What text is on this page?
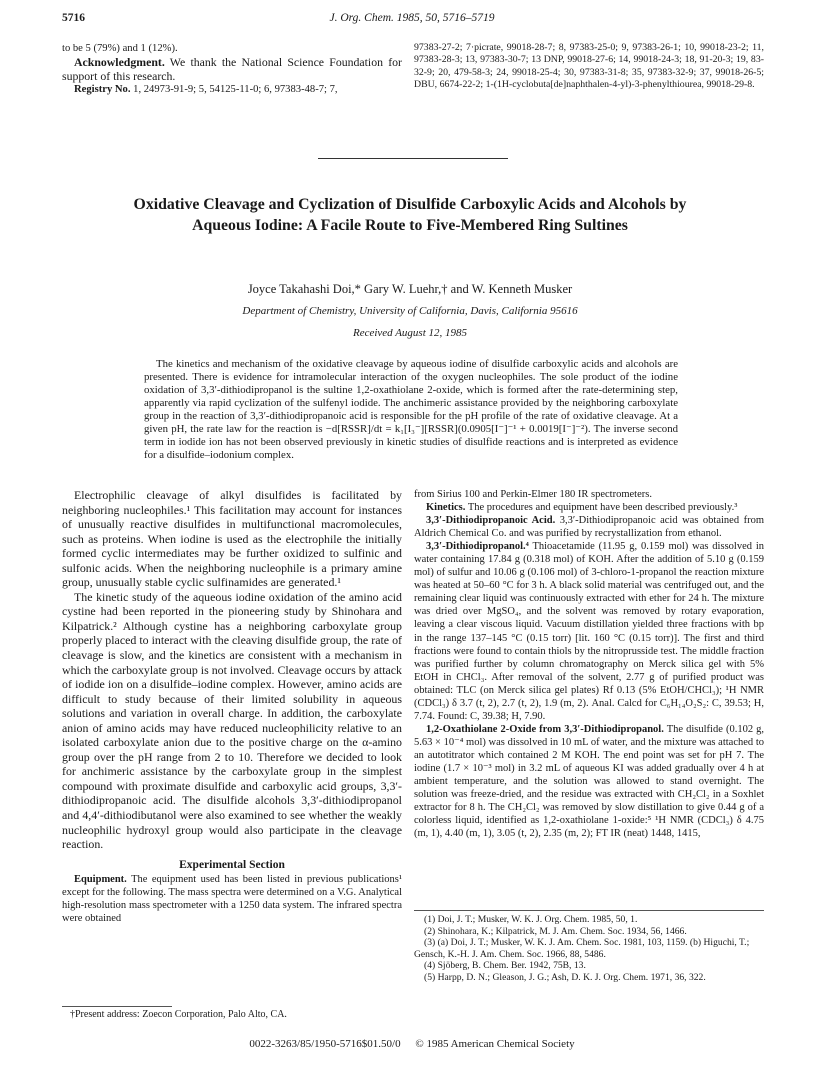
5716	J. Org. Chem. 1985, 50, 5716–5719

to be 5 (79%) and 1 (12%).

Acknowledgment. We thank the National Science Foundation for support of this research.

Registry No. 1, 24973-91-9; 5, 54125-11-0; 6, 97383-48-7; 7,

97383-27-2; 7·picrate, 99018-28-7; 8, 97383-25-0; 9, 97383-26-1; 10, 99018-23-2; 11, 97383-28-3; 13, 97383-30-7; 13 DNP, 99018-27-6; 14, 99018-24-3; 18, 91-20-3; 19, 83-32-9; 20, 479-58-3; 24, 99018-25-4; 30, 97383-31-8; 35, 97383-32-9; 37, 99018-26-5; DBU, 6674-22-2; 1-(1H-cyclobuta[de]naphthalen-4-yl)-3-phenylthiourea, 99018-29-8.
Oxidative Cleavage and Cyclization of Disulfide Carboxylic Acids and Alcohols by Aqueous Iodine: A Facile Route to Five-Membered Ring Sultines
Joyce Takahashi Doi,* Gary W. Luehr,† and W. Kenneth Musker
Department of Chemistry, University of California, Davis, California 95616
Received August 12, 1985
The kinetics and mechanism of the oxidative cleavage by aqueous iodine of disulfide carboxylic acids and alcohols are presented. There is evidence for intramolecular interaction of the oxygen nucleophiles. The sole product of the iodine oxidation of 3,3′-dithiodipropanol is the sultine 1,2-oxathiolane 2-oxide, which is formed after the rate-determining step, apparently via rapid cyclization of the sulfenyl iodide. The anchimeric assistance provided by the neighboring carboxylate group in the reaction of 3,3′-dithiodipropanoic acid is responsible for the pH profile of the rate of oxidative cleavage. At a given pH, the rate law for the reaction is −d[RSSR]/dt = k₁[I₃⁻][RSSR](0.0905[I⁻]⁻¹ + 0.0019[I⁻]⁻²). The inverse second term in iodide ion has not been observed previously in kinetic studies of disulfide reactions and is interpreted as evidence for a disulfide–iodonium complex.

Electrophilic cleavage of alkyl disulfides is facilitated by neighboring nucleophiles.¹ This facilitation may account for instances of unusually reactive disulfides in multifunctional macromolecules, such as proteins. When iodine is used as the electrophile the initially formed cyclic intermediates may be further oxidized to sulfinic and sulfonic acids. When the neighboring nucleophile is a primary amine group, unusually stable cyclic sulfinamides are generated.¹

The kinetic study of the aqueous iodine oxidation of the amino acid cystine had been reported in the pioneering study by Shinohara and Kilpatrick.² Although cystine has a neighboring carboxylate group properly placed to interact with the cleaving disulfide group, the rate of cleavage is slow, and the kinetics are consistent with a mechanism in which the carboxylate group is not involved. Cleavage occurs by attack of iodide ion on a disulfide–iodine complex. However, amino acids are difficult to study because of their limited solubility in aqueous solutions and variation in overall charge. In addition, the carboxylate anion of amino acids may have reduced nucleophilicity relative to an isolated carboxylate anion due to the positive charge on the α-amino group over the pH range from 2 to 10. Therefore we decided to look for anchimeric assistance by the carboxylate group in the simplest compound with proximate disulfide and carboxylic acid groups, 3,3′-dithiodipropanoic acid. The disulfide alcohols 3,3′-dithiodipropanol and 4,4′-dithiodibutanol were also examined to see whether the weakly nucleophilic hydroxyl group would also participate in the cleavage reaction.

Experimental Section

Equipment. The equipment used has been listed in previous publications¹ except for the following. The mass spectra were determined on a V.G. Analytical high-resolution mass spectrometer with a 1250 data system. The infrared spectra were obtained

†Present address: Zoecon Corporation, Palo Alto, CA.

from Sirius 100 and Perkin-Elmer 180 IR spectrometers.

Kinetics. The procedures and equipment have been described previously.³

3,3′-Dithiodipropanoic Acid. 3,3′-Dithiodipropanoic acid was obtained from Aldrich Chemical Co. and was purified by recrystallization from ethanol.

3,3′-Dithiodipropanol.⁴ Thioacetamide (11.95 g, 0.159 mol) was dissolved in water containing 17.84 g (0.318 mol) of KOH. After the addition of 5.10 g (0.159 mol) of sulfur and 10.06 g (0.106 mol) of 3-chloro-1-propanol the reaction mixture was heated at 50–60 °C for 3 h. A black solid material was centrifuged out, and the remaining clear liquid was continuously extracted with ether for 24 h. The mixture was dried over MgSO₄, and the solvent was removed by rotary evaporation, leaving a clear viscous liquid. Vacuum distillation yielded three fractions with bp in the range 137–145 °C (0.15 torr) [lit. 160 °C (0.15 torr)]. The first and third fractions were found to contain thiols by the nitroprusside test. The middle fraction was purified further by column chromatography on Merck silica gel with 5% EtOH in CHCl₃. After removal of the solvent, 2.77 g of purified product was obtained: TLC (on Merck silica gel plates) Rf 0.13 (5% EtOH/CHCl₃); ¹H NMR (CDCl₃) δ 3.7 (t, 2), 2.7 (t, 2), 1.9 (m, 2). Anal. Calcd for C₆H₁₄O₂S₂: C, 39.53; H, 7.74. Found: C, 39.38; H, 7.90.

1,2-Oxathiolane 2-Oxide from 3,3′-Dithiodipropanol. The disulfide (0.102 g, 5.63 × 10⁻⁴ mol) was dissolved in 10 mL of water, and the mixture was attached to an autotitrator which contained 2 M KOH. The end point was set for pH 7. The iodine (1.7 × 10⁻³ mol) in 3.2 mL of aqueous KI was added gradually over 4 h at ambient temperature, and the solution was allowed to stand overnight. The solution was freeze-dried, and the residue was extracted with CH₂Cl₂ in a Soxhlet extractor for 8 h. The CH₂Cl₂ was removed by slow distillation to give 0.44 g of a colorless liquid, identified as 1,2-oxathiolane 1-oxide:⁵ ¹H NMR (CDCl₃) δ 4.75 (m, 1), 4.40 (m, 1), 3.05 (t, 2), 2.35 (m, 2); FT IR (neat) 1448, 1415,

(1) Doi, J. T.; Musker, W. K. J. Org. Chem. 1985, 50, 1.

(2) Shinohara, K.; Kilpatrick, M. J. Am. Chem. Soc. 1934, 56, 1466.

(3) (a) Doi, J. T.; Musker, W. K. J. Am. Chem. Soc. 1981, 103, 1159. (b) Higuchi, T.; Gensch, K.-H. J. Am. Chem. Soc. 1966, 88, 5486.

(4) Sjöberg, B. Chem. Ber. 1942, 75B, 13.

(5) Harpp, D. N.; Gleason, J. G.; Ash, D. K. J. Org. Chem. 1971, 36, 322.

0022-3263/85/1950-5716$01.50/0 © 1985 American Chemical Society
